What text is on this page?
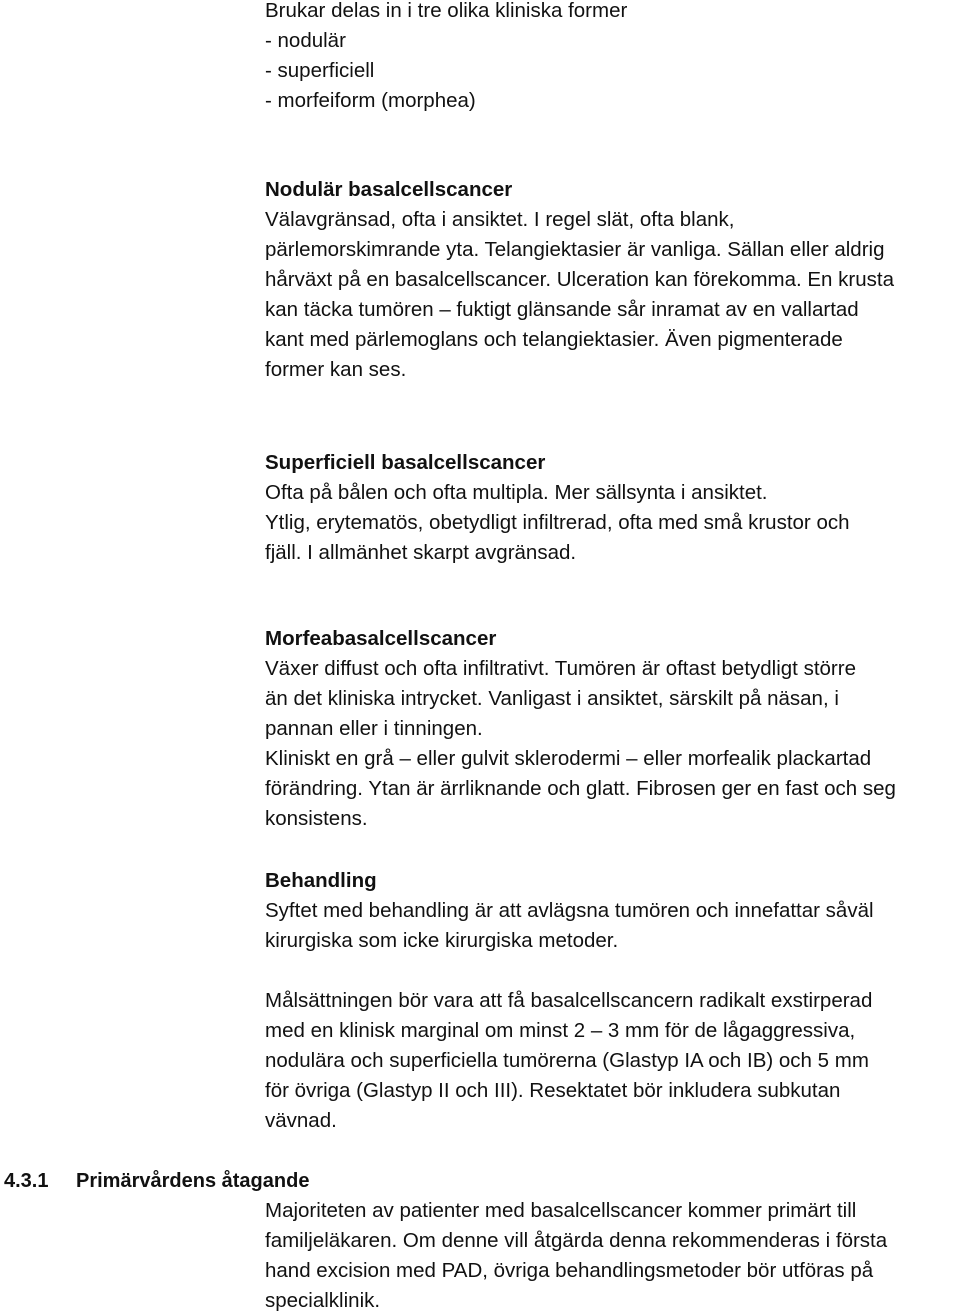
Brukar delas in i tre olika kliniska former
- nodulär
- superficiell
- morfeiform (morphea)
Nodulär basalcellscancer
Välavgränsad, ofta i ansiktet. I regel slät, ofta blank,
pärlemorskimrande yta. Telangiektasier är vanliga. Sällan eller aldrig
hårväxt på en basalcellscancer. Ulceration kan förekomma. En krusta
kan täcka tumören – fuktigt glänsande sår inramat av en vallartad
kant med pärlemoglans och telangiektasier. Även pigmenterade
former kan ses.
Superficiell basalcellscancer
Ofta på bålen och ofta multipla. Mer sällsynta i ansiktet.
Ytlig, erytematös, obetydligt infiltrerad, ofta med små krustor och
fjäll. I allmänhet skarpt avgränsad.
Morfeabasalcellscancer
Växer diffust och ofta infiltrativt. Tumören är oftast betydligt större
än det kliniska intrycket. Vanligast i ansiktet, särskilt på näsan, i
pannan eller i tinningen.
Kliniskt en grå – eller gulvit sklerodermi – eller morfealik plackartad
förändring. Ytan är ärrliknande och glatt. Fibrosen ger en fast och seg
konsistens.
Behandling
Syftet med behandling är att avlägsna tumören och innefattar såväl
kirurgiska som icke kirurgiska metoder.
Målsättningen bör vara att få basalcellscancern radikalt exstirperad
med en klinisk marginal om minst 2 – 3 mm för de lågaggressiva,
nodulära och superficiella tumörerna (Glastyp IA och IB) och 5 mm
för övriga (Glastyp II och III). Resektatet bör inkludera subkutan
vävnad.
4.3.1 Primärvårdens åtagande
Majoriteten av patienter med basalcellscancer kommer primärt till
familjeläkaren. Om denne vill åtgärda denna rekommenderas i första
hand excision med PAD, övriga behandlingsmetoder bör utföras på
specialklinik.
